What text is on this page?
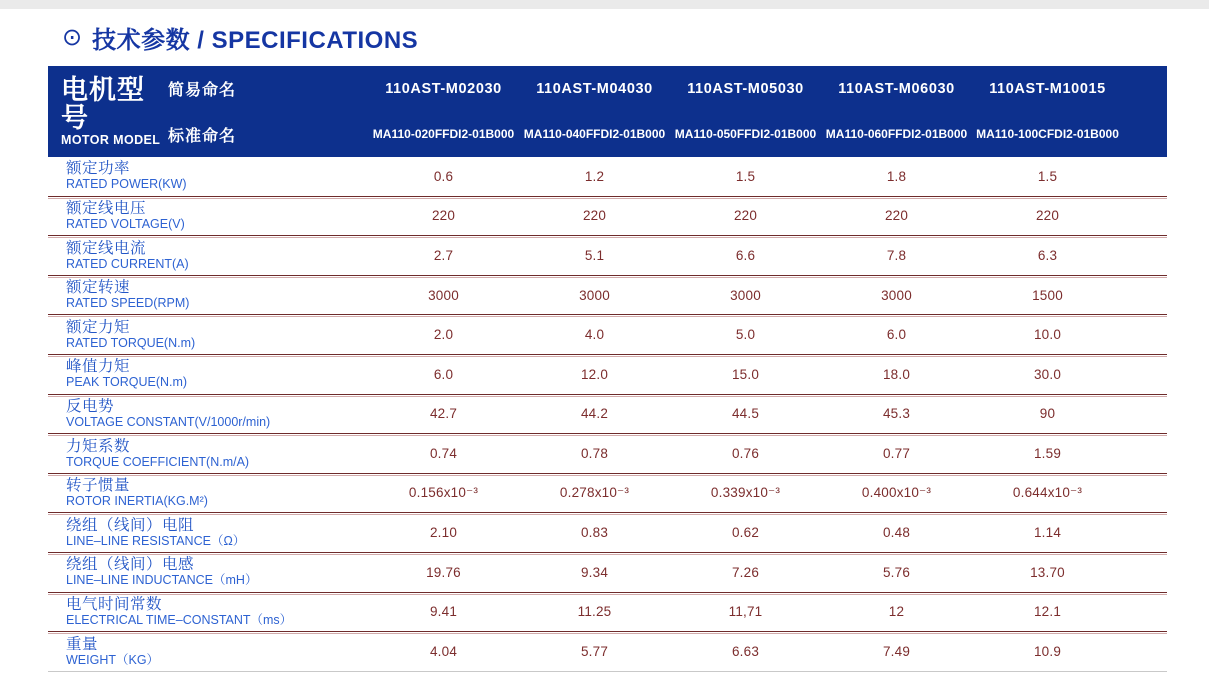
⊙ 技术参数 / SPECIFICATIONS
电机型号
MOTOR MODEL
简易命名	110AST-M02030	110AST-M04030	110AST-M05030	110AST-M06030	110AST-M10015
标准命名	MA110-020FFDI2-01B000 MA110-040FFDI2-01B000 MA110-050FFDI2-01B000 MA110-060FFDI2-01B000 MA110-100CFDI2-01B000
额定功率
RATED POWER(KW)
0.6	1.2	1.5	1.8	1.5
额定线电压
RATED VOLTAGE(V)
220	220	220	220	220
额定线电流
RATED CURRENT(A)
2.7	5.1	6.6	7.8	6.3
额定转速
RATED SPEED(RPM)
3000	3000	3000	3000	1500
额定力矩
RATED TORQUE(N.m)
2.0	4.0	5.0	6.0	10.0
峰值力矩
PEAK TORQUE(N.m)
6.0	12.0	15.0	18.0	30.0
反电势
VOLTAGE CONSTANT(V/1000r/min)
42.7	44.2	44.5	45.3	90
力矩系数
TORQUE COEFFICIENT(N.m/A)
0.74	0.78	0.76	0.77	1.59
转子惯量
ROTOR INERTIA(KG.M²)
0.156x10⁻³	0.278x10⁻³	0.339x10⁻³	0.400x10⁻³	0.644x10⁻³
绕组（线间）电阻
LINE–LINE RESISTANCE（Ω）
2.10	0.83	0.62	0.48	1.14
绕组（线间）电感
LINE–LINE INDUCTANCE（mH）
19.76	9.34	7.26	5.76	13.70
电气时间常数
ELECTRICAL TIME–CONSTANT（ms）
9.41	11.25	11,71	12	12.1
重量
WEIGHT（KG）
4.04	5.77	6.63	7.49	10.9
